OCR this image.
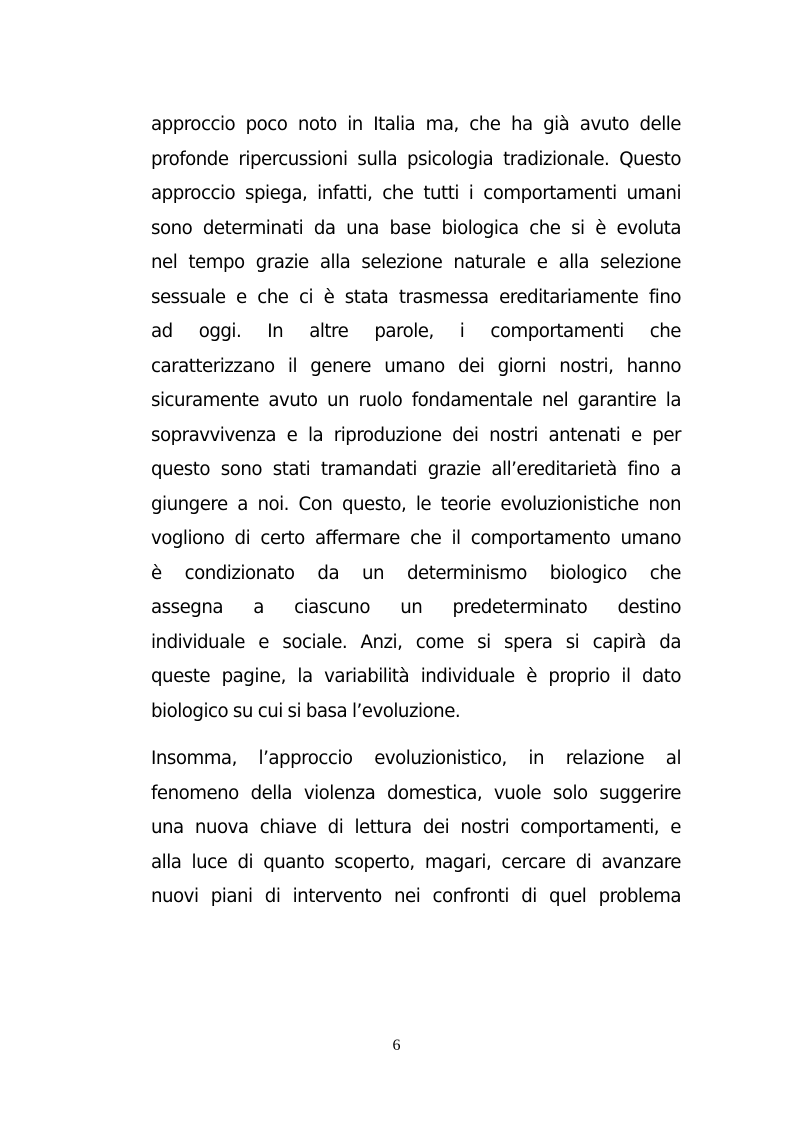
approccio poco noto in Italia ma, che ha già avuto delle
profonde ripercussioni sulla psicologia tradizionale. Questo
approccio spiega, infatti, che tutti i comportamenti umani
sono determinati da una base biologica che si è evoluta
nel tempo grazie alla selezione naturale e alla selezione
sessuale e che ci è stata trasmessa ereditariamente fino
ad oggi. In altre parole, i comportamenti che
caratterizzano il genere umano dei giorni nostri, hanno
sicuramente avuto un ruolo fondamentale nel garantire la
sopravvivenza e la riproduzione dei nostri antenati e per
questo sono stati tramandati grazie all’ereditarietà fino a
giungere a noi. Con questo, le teorie evoluzionistiche non
vogliono di certo affermare che il comportamento umano
è condizionato da un determinismo biologico che
assegna a ciascuno un predeterminato destino
individuale e sociale. Anzi, come si spera si capirà da
queste pagine, la variabilità individuale è proprio il dato
biologico su cui si basa l’evoluzione.
Insomma, l’approccio evoluzionistico, in relazione al
fenomeno della violenza domestica, vuole solo suggerire
una nuova chiave di lettura dei nostri comportamenti, e
alla luce di quanto scoperto, magari, cercare di avanzare
nuovi piani di intervento nei confronti di quel problema
6
